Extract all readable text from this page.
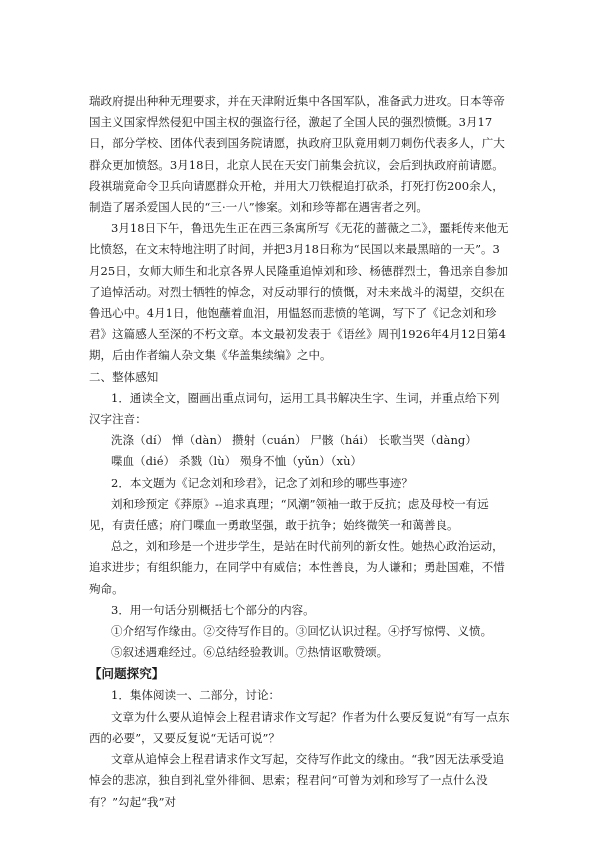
瑞政府提出种种无理要求，并在天津附近集中各国军队，准备武力进攻。日本等帝国主义国家悍然侵犯中国主权的强盗行径，激起了全国人民的强烈愤慨。3月17日，部分学校、团体代表到国务院请愿，执政府卫队竟用刺刀刺伤代表多人，广大群众更加愤怒。3月18日，北京人民在天安门前集会抗议，会后到执政府前请愿。段祺瑞竟命令卫兵向请愿群众开枪，并用大刀铁棍追打砍杀，打死打伤200余人，制造了屠杀爱国人民的“三·一八”惨案。刘和珍等都在遇害者之列。

3月18日下午，鲁迅先生正在西三条寓所写《无花的蔷薇之二》，噩耗传来他无比愤怒，在文末特地注明了时间，并把3月18日称为“民国以来最黑暗的一天”。3月25日，女师大师生和北京各界人民隆重追悼刘和珍、杨德群烈士，鲁迅亲自参加了追悼活动。对烈士牺牲的悼念，对反动罪行的愤慨，对未来战斗的渴望，交织在鲁迅心中。4月1日，他饱蘸着血泪，用愠怒而悲愤的笔调，写下了《记念刘和珍君》这篇感人至深的不朽文章。本文最初发表于《语丝》周刊1926年4月12日第4期，后由作者编人杂文集《华盖集续编》之中。

二、整体感知

1．通读全文，圈画出重点词句，运用工具书解决生字、生词，并重点给下列汉字注音：

洗涤（dí） 惮（dàn） 攒射（cuán） 尸骸（hái） 长歌当哭（dàng）

喋血（dié） 杀戮（lù） 殒身不恤（yǔn）（xù）

2．本文题为《记念刘和珍君》，记念了刘和珍的哪些事迹？

刘和珍预定《莽原》--追求真理；“风潮”领袖一敢于反抗；虑及母校一有远见，有责任感；府门喋血一勇敢坚强，敢于抗争；始终微笑一和蔼善良。

总之，刘和珍是一个进步学生，是站在时代前列的新女性。她热心政治运动，追求进步；有组织能力，在同学中有威信；本性善良，为人谦和；勇赴国难，不惜殉命。

3．用一句话分别概括七个部分的内容。

①介绍写作缘由。②交待写作目的。③回忆认识过程。④抒写惊愕、义愤。

⑤叙述遇难经过。⑥总结经验教训。⑦热情讴歌赞颂。

【问题探究】

1．集体阅读一、二部分，讨论：

文章为什么要从追悼会上程君请求作文写起？作者为什么要反复说“有写一点东西的必要”，又要反复说“无话可说”？

文章从追悼会上程君请求作文写起，交待写作此文的缘由。“我”因无法承受追悼会的悲凉，独自到礼堂外徘徊、思索；程君问“可曾为刘和珍写了一点什么没有？”勾起“我”对
